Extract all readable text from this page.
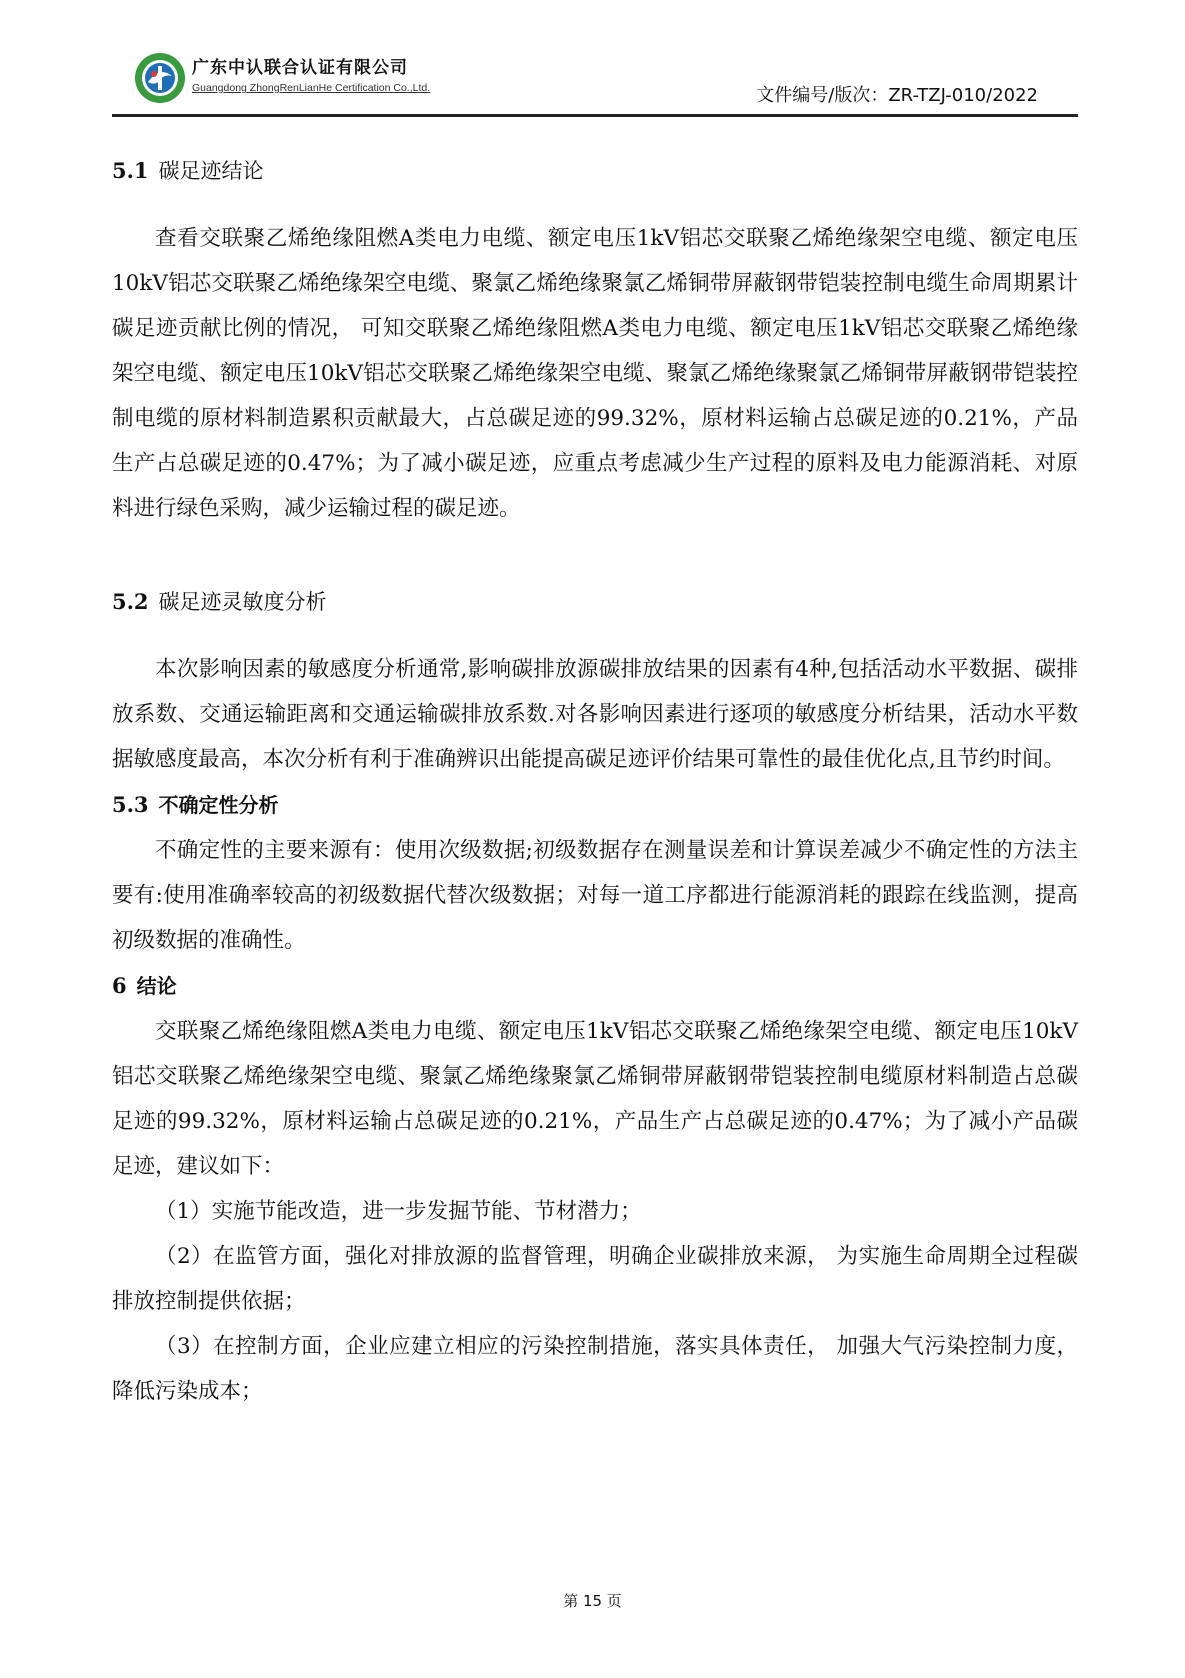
广东中认联合认证有限公司
Guangdong ZhongRenLianHe Certification Co.,Ltd.	文件编号/版次：ZR-TZJ-010/2022
5.1 碳足迹结论

查看交联聚乙烯绝缘阻燃A类电力电缆、额定电压1kV铝芯交联聚乙烯绝缘架空电缆、额定电压10kV铝芯交联聚乙烯绝缘架空电缆、聚氯乙烯绝缘聚氯乙烯铜带屏蔽钢带铠装控制电缆生命周期累计碳足迹贡献比例的情况， 可知交联聚乙烯绝缘阻燃A类电力电缆、额定电压1kV铝芯交联聚乙烯绝缘架空电缆、额定电压10kV铝芯交联聚乙烯绝缘架空电缆、聚氯乙烯绝缘聚氯乙烯铜带屏蔽钢带铠装控制电缆的原材料制造累积贡献最大，占总碳足迹的99.32%，原材料运输占总碳足迹的0.21%，产品生产占总碳足迹的0.47%；为了减小碳足迹，应重点考虑减少生产过程的原料及电力能源消耗、对原料进行绿色采购，减少运输过程的碳足迹。

5.2 碳足迹灵敏度分析

本次影响因素的敏感度分析通常,影响碳排放源碳排放结果的因素有4种,包括活动水平数据、碳排放系数、交通运输距离和交通运输碳排放系数.对各影响因素进行逐项的敏感度分析结果，活动水平数据敏感度最高，本次分析有利于准确辨识出能提高碳足迹评价结果可靠性的最佳优化点,且节约时间。

5.3 不确定性分析

不确定性的主要来源有：使用次级数据;初级数据存在测量误差和计算误差减少不确定性的方法主要有:使用准确率较高的初级数据代替次级数据；对每一道工序都进行能源消耗的跟踪在线监测，提高初级数据的准确性。

6 结论

交联聚乙烯绝缘阻燃A类电力电缆、额定电压1kV铝芯交联聚乙烯绝缘架空电缆、额定电压10kV铝芯交联聚乙烯绝缘架空电缆、聚氯乙烯绝缘聚氯乙烯铜带屏蔽钢带铠装控制电缆原材料制造占总碳足迹的99.32%，原材料运输占总碳足迹的0.21%，产品生产占总碳足迹的0.47%；为了减小产品碳足迹，建议如下：

（1）实施节能改造，进一步发掘节能、节材潜力；

（2）在监管方面，强化对排放源的监督管理，明确企业碳排放来源， 为实施生命周期全过程碳排放控制提供依据；

（3）在控制方面，企业应建立相应的污染控制措施，落实具体责任， 加强大气污染控制力度，降低污染成本；

第 15 页
